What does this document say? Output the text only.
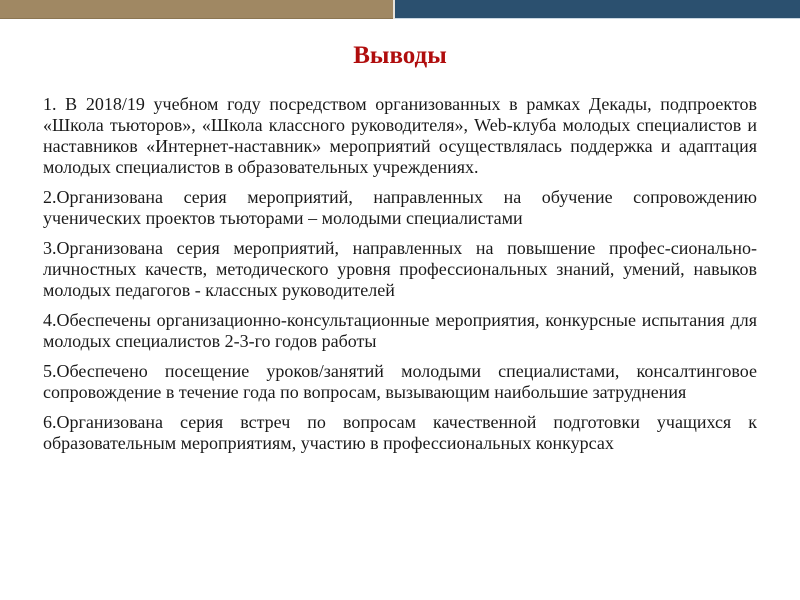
Выводы

1. В 2018/19 учебном году посредством организованных в рамках Декады, подпроектов «Школа тьюторов», «Школа классного руководителя», Web-клуба молодых специалистов и наставников «Интернет-наставник» мероприятий осуществлялась поддержка и адаптация молодых специалистов в образовательных учреждениях.

2.Организована серия мероприятий, направленных на обучение сопровождению ученических проектов тьюторами – молодыми специалистами

3.Организована серия мероприятий, направленных на повышение профес-сионально-личностных качеств, методического уровня профессиональных знаний, умений, навыков молодых педагогов - классных руководителей

4.Обеспечены организационно-консультационные мероприятия, конкурсные испытания для молодых специалистов 2-3-го годов работы

5.Обеспечено посещение уроков/занятий молодыми специалистами, консалтинговое сопровождение в течение года по вопросам, вызывающим наибольшие затруднения

6.Организована серия встреч по вопросам качественной подготовки учащихся к образовательным мероприятиям, участию в профессиональных конкурсах
